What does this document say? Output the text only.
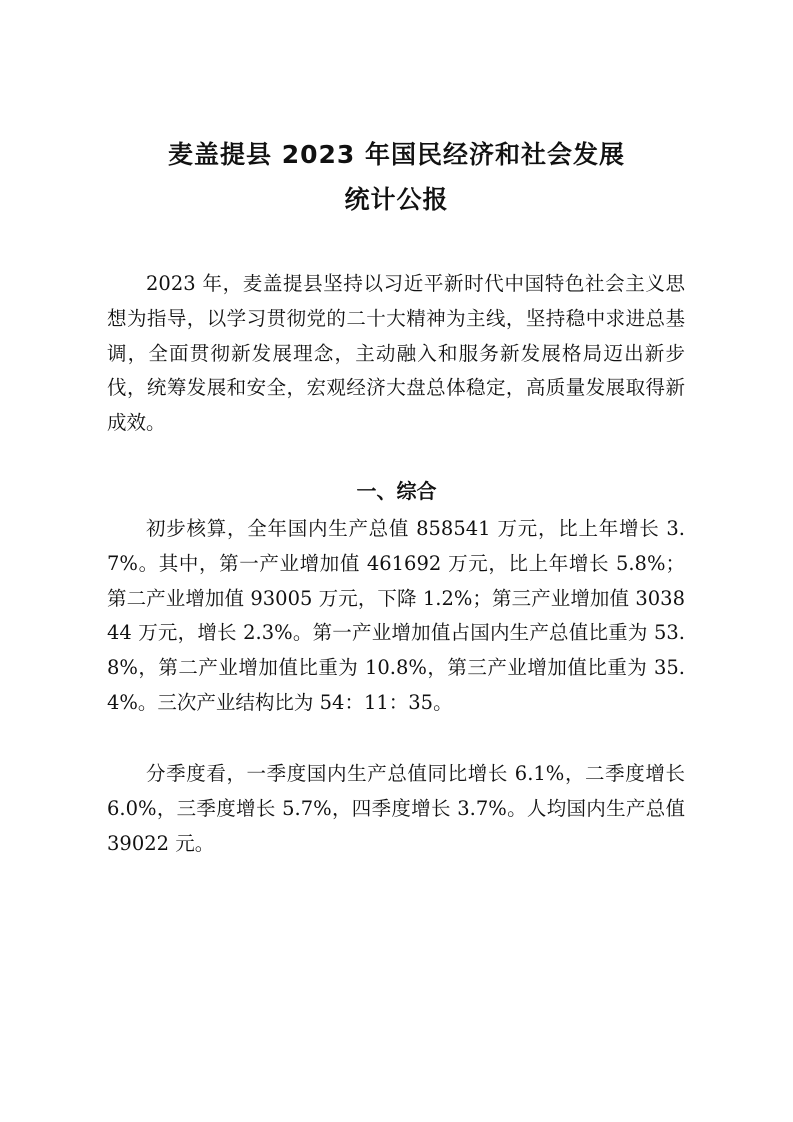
麦盖提县 2023 年国民经济和社会发展
统计公报

2023 年，麦盖提县坚持以习近平新时代中国特色社会主义思想为指导，以学习贯彻党的二十大精神为主线，坚持稳中求进总基调，全面贯彻新发展理念，主动融入和服务新发展格局迈出新步伐，统筹发展和安全，宏观经济大盘总体稳定，高质量发展取得新成效。

一、综合

初步核算，全年国内生产总值 858541 万元，比上年增长 3.7%。其中，第一产业增加值 461692 万元，比上年增长 5.8%；第二产业增加值 93005 万元，下降 1.2%；第三产业增加值 303844 万元，增长 2.3%。第一产业增加值占国内生产总值比重为 53.8%，第二产业增加值比重为 10.8%，第三产业增加值比重为 35.4%。三次产业结构比为 54：11：35。

分季度看，一季度国内生产总值同比增长 6.1%，二季度增长 6.0%，三季度增长 5.7%，四季度增长 3.7%。人均国内生产总值 39022 元。
